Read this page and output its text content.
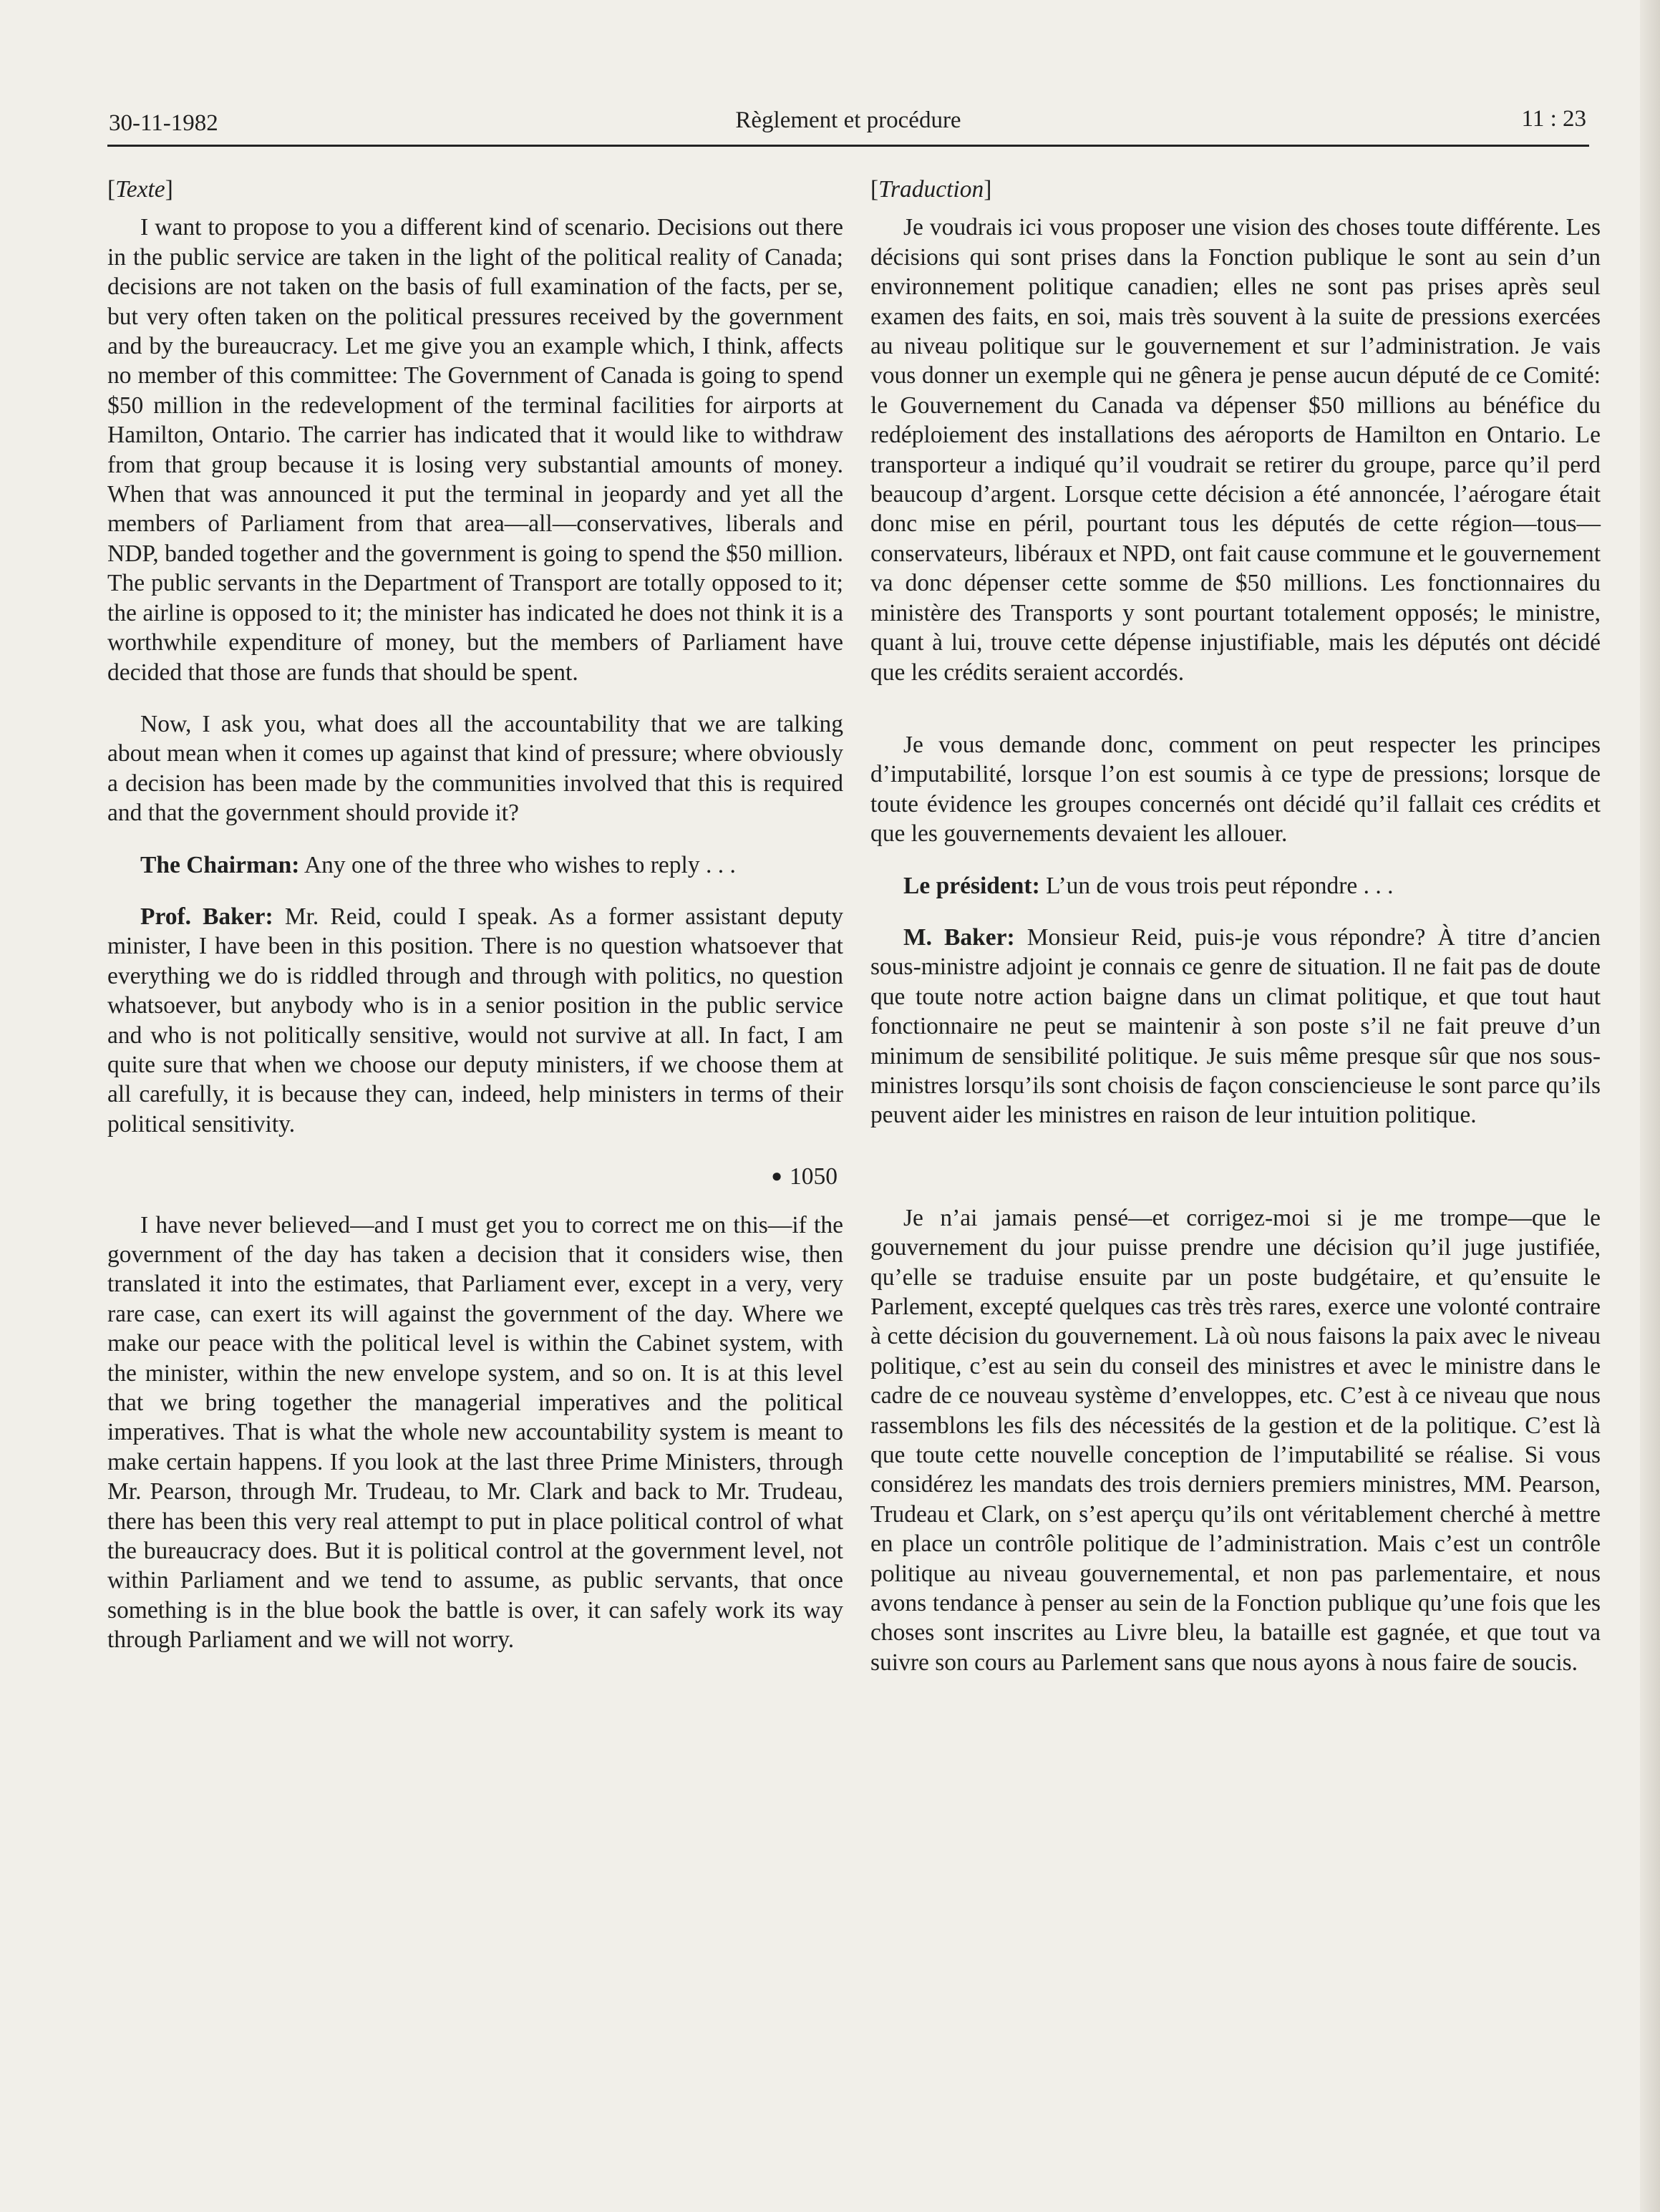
30-11-1982	Règlement et procédure	11 : 23
[Texte]

I want to propose to you a different kind of scenario. Decisions out there in the public service are taken in the light of the political reality of Canada; decisions are not taken on the basis of full examination of the facts, per se, but very often taken on the political pressures received by the government and by the bureaucracy. Let me give you an example which, I think, affects no member of this committee: The Government of Canada is going to spend $50 million in the redevelopment of the terminal facilities for airports at Hamilton, Ontario. The carrier has indicated that it would like to withdraw from that group because it is losing very substantial amounts of money. When that was announced it put the terminal in jeopardy and yet all the members of Parliament from that area—all—conservatives, liberals and NDP, banded together and the government is going to spend the $50 million. The public servants in the Department of Transport are totally opposed to it; the airline is opposed to it; the minister has indicated he does not think it is a worthwhile expenditure of money, but the members of Parliament have decided that those are funds that should be spent.

Now, I ask you, what does all the accountability that we are talking about mean when it comes up against that kind of pressure; where obviously a decision has been made by the communities involved that this is required and that the government should provide it?

The Chairman: Any one of the three who wishes to reply . . .

Prof. Baker: Mr. Reid, could I speak. As a former assistant deputy minister, I have been in this position. There is no question whatsoever that everything we do is riddled through and through with politics, no question whatsoever, but anybody who is in a senior position in the public service and who is not politically sensitive, would not survive at all. In fact, I am quite sure that when we choose our deputy ministers, if we choose them at all carefully, it is because they can, indeed, help ministers in terms of their political sensitivity.

● 1050

I have never believed—and I must get you to correct me on this—if the government of the day has taken a decision that it considers wise, then translated it into the estimates, that Parliament ever, except in a very, very rare case, can exert its will against the government of the day. Where we make our peace with the political level is within the Cabinet system, with the minister, within the new envelope system, and so on. It is at this level that we bring together the managerial imperatives and the political imperatives. That is what the whole new accountability system is meant to make certain happens. If you look at the last three Prime Ministers, through Mr. Pearson, through Mr. Trudeau, to Mr. Clark and back to Mr. Trudeau, there has been this very real attempt to put in place political control of what the bureaucracy does. But it is political control at the government level, not within Parliament and we tend to assume, as public servants, that once something is in the blue book the battle is over, it can safely work its way through Parliament and we will not worry.

[Traduction]

Je voudrais ici vous proposer une vision des choses toute différente. Les décisions qui sont prises dans la Fonction publique le sont au sein d’un environnement politique canadien; elles ne sont pas prises après seul examen des faits, en soi, mais très souvent à la suite de pressions exercées au niveau politique sur le gouvernement et sur l’administration. Je vais vous donner un exemple qui ne gênera je pense aucun député de ce Comité: le Gouvernement du Canada va dépenser $50 millions au bénéfice du redéploiement des installations des aéroports de Hamilton en Ontario. Le transporteur a indiqué qu’il voudrait se retirer du groupe, parce qu’il perd beaucoup d’argent. Lorsque cette décision a été annoncée, l’aérogare était donc mise en péril, pourtant tous les députés de cette région—tous—conservateurs, libéraux et NPD, ont fait cause commune et le gouvernement va donc dépenser cette somme de $50 millions. Les fonctionnaires du ministère des Transports y sont pourtant totalement opposés; le ministre, quant à lui, trouve cette dépense injustifiable, mais les députés ont décidé que les crédits seraient accordés.

Je vous demande donc, comment on peut respecter les principes d’imputabilité, lorsque l’on est soumis à ce type de pressions; lorsque de toute évidence les groupes concernés ont décidé qu’il fallait ces crédits et que les gouvernements devaient les allouer.

Le président: L’un de vous trois peut répondre . . .

M. Baker: Monsieur Reid, puis-je vous répondre? À titre d’ancien sous-ministre adjoint je connais ce genre de situation. Il ne fait pas de doute que toute notre action baigne dans un climat politique, et que tout haut fonctionnaire ne peut se maintenir à son poste s’il ne fait preuve d’un minimum de sensibilité politique. Je suis même presque sûr que nos sous-ministres lorsqu’ils sont choisis de façon consciencieuse le sont parce qu’ils peuvent aider les ministres en raison de leur intuition politique.

Je n’ai jamais pensé—et corrigez-moi si je me trompe—que le gouvernement du jour puisse prendre une décision qu’il juge justifiée, qu’elle se traduise ensuite par un poste budgétaire, et qu’ensuite le Parlement, excepté quelques cas très très rares, exerce une volonté contraire à cette décision du gouvernement. Là où nous faisons la paix avec le niveau politique, c’est au sein du conseil des ministres et avec le ministre dans le cadre de ce nouveau système d’enveloppes, etc. C’est à ce niveau que nous rassemblons les fils des nécessités de la gestion et de la politique. C’est là que toute cette nouvelle conception de l’imputabilité se réalise. Si vous considérez les mandats des trois derniers premiers ministres, MM. Pearson, Trudeau et Clark, on s’est aperçu qu’ils ont véritablement cherché à mettre en place un contrôle politique de l’administration. Mais c’est un contrôle politique au niveau gouvernemental, et non pas parlementaire, et nous avons tendance à penser au sein de la Fonction publique qu’une fois que les choses sont inscrites au Livre bleu, la bataille est gagnée, et que tout va suivre son cours au Parlement sans que nous ayons à nous faire de soucis.
